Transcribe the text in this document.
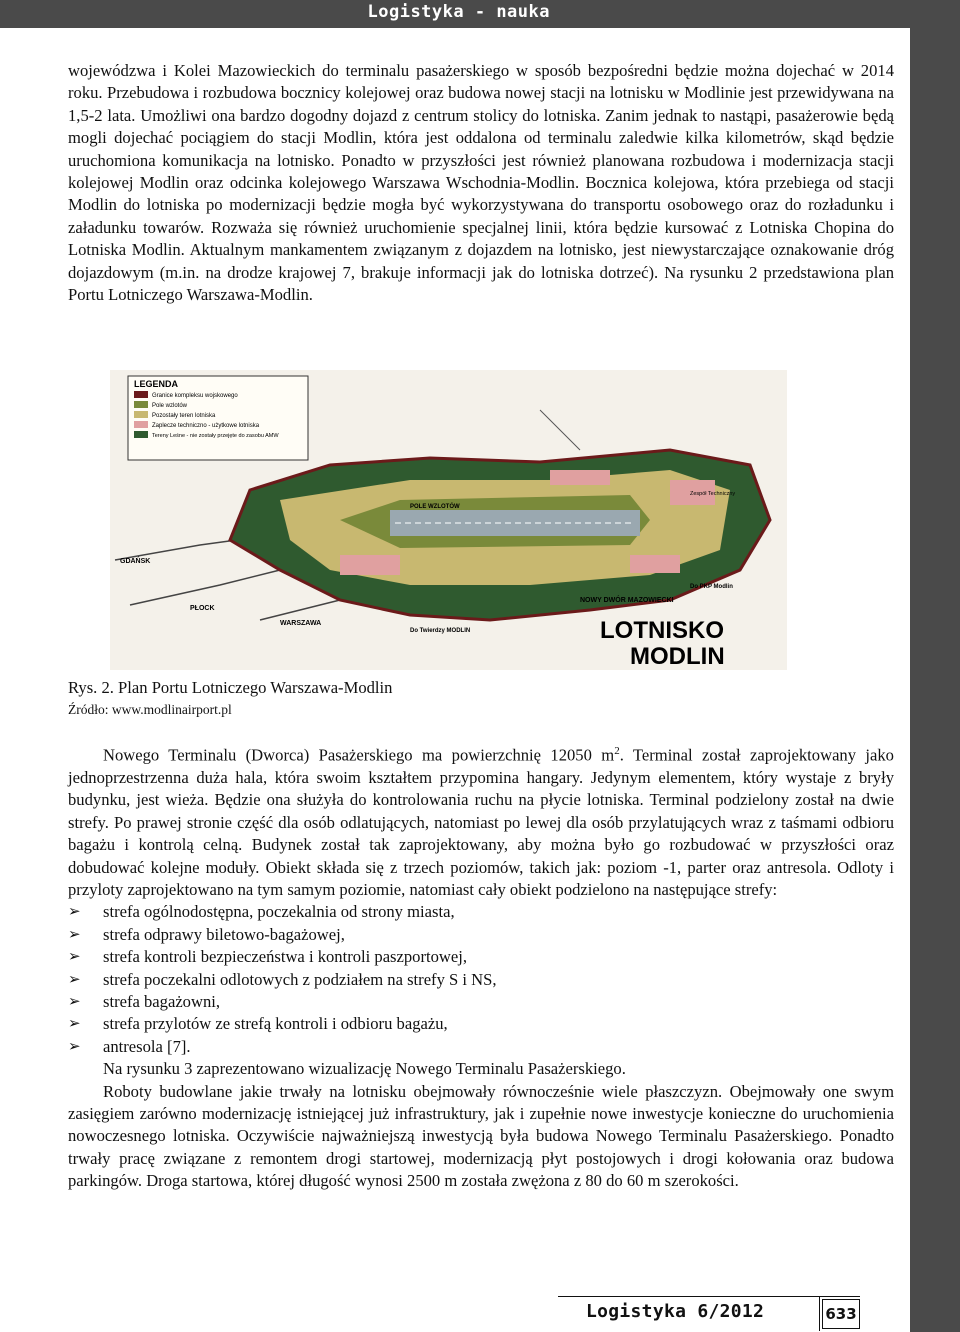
Logistyka - nauka

wojewódzwa i Kolei Mazowieckich do terminalu pasażerskiego w sposób bezpośredni będzie można dojechać w 2014 roku. Przebudowa i rozbudowa bocznicy kolejowej oraz budowa nowej stacji na lotnisku w Modlinie jest przewidywana na 1,5-2 lata. Umożliwi ona bardzo dogodny dojazd z centrum stolicy do lotniska. Zanim jednak to nastąpi, pasażerowie będą mogli dojechać pociągiem do stacji Modlin, która jest oddalona od terminalu zaledwie kilka kilometrów, skąd będzie uruchomiona komunikacja na lotnisko. Ponadto w przyszłości jest również planowana rozbudowa i modernizacja stacji kolejowej Modlin oraz odcinka kolejowego Warszawa Wschodnia-Modlin. Bocznica kolejowa, która przebiega od stacji Modlin do lotniska po modernizacji będzie mogła być wykorzystywana do transportu osobowego oraz do rozładunku i załadunku towarów. Rozważa się również uruchomienie specjalnej linii, która będzie kursować z Lotniska Chopina do Lotniska Modlin. Aktualnym mankamentem związanym z dojazdem na lotnisko, jest niewystarczające oznakowanie dróg dojazdowym (m.in. na drodze krajowej 7, brakuje informacji jak do lotniska dotrzeć). Na rysunku 2 przedstawiona plan Portu Lotniczego Warszawa-Modlin.

LEGENDA
Granice kompleksu wojskowego
Pole wzlotów
Pozostały teren lotniska
Zaplecze techniczno - użytkowe lotniska
Tereny Leśne - nie zostały przejęte do zasobu AMW
POLE WZLOTÓW
GDAŃSK
PŁOCK
WARSZAWA
NOWY DWÓR MAZOWIECKI
Do PKP Modlin
Do Twierdzy MODLIN
Zespół Techniczny
LOTNISKO
MODLIN
Rys. 2. Plan Portu Lotniczego Warszawa-Modlin
Źródło: www.modlinairport.pl

Nowego Terminalu (Dworca) Pasażerskiego ma powierzchnię 12050 $m^2$. Terminal został zaprojektowany jako jednoprzestrzenna duża hala, która swoim kształtem przypomina hangary. Jedynym elementem, który wystaje z bryły budynku, jest wieża. Będzie ona służyła do kontrolowania ruchu na płycie lotniska. Terminal podzielony został na dwie strefy. Po prawej stronie część dla osób odlatujących, natomiast po lewej dla osób przylatujących wraz z taśmami odbioru bagażu i kontrolą celną. Budynek został tak zaprojektowany, aby można było go rozbudować w przyszłości oraz dobudować kolejne moduły. Obiekt składa się z trzech poziomów, takich jak: poziom -1, parter oraz antresola. Odloty i przyloty zaprojektowano na tym samym poziomie, natomiast cały obiekt podzielono na następujące strefy:

➢ strefa ogólnodostępna, poczekalnia od strony miasta,
➢ strefa odprawy biletowo-bagażowej,
➢ strefa kontroli bezpieczeństwa i kontroli paszportowej,
➢ strefa poczekalni odlotowych z podziałem na strefy S i NS,
➢ strefa bagażowni,
➢ strefa przylotów ze strefą kontroli i odbioru bagażu,
➢ antresola [7].

Na rysunku 3 zaprezentowano wizualizację Nowego Terminalu Pasażerskiego.

Roboty budowlane jakie trwały na lotnisku obejmowały równocześnie wiele płaszczyzn. Obejmowały one swym zasięgiem zarówno modernizację istniejącej już infrastruktury, jak i zupełnie nowe inwestycje konieczne do uruchomienia nowoczesnego lotniska. Oczywiście najważniejszą inwestycją była budowa Nowego Terminalu Pasażerskiego. Ponadto trwały pracę związane z remontem drogi startowej, modernizacją płyt postojowych i drogi kołowania oraz budowa parkingów. Droga startowa, której długość wynosi 2500 m została zwężona z 80 do 60 m szerokości.

Logistyka 6/2012	633
